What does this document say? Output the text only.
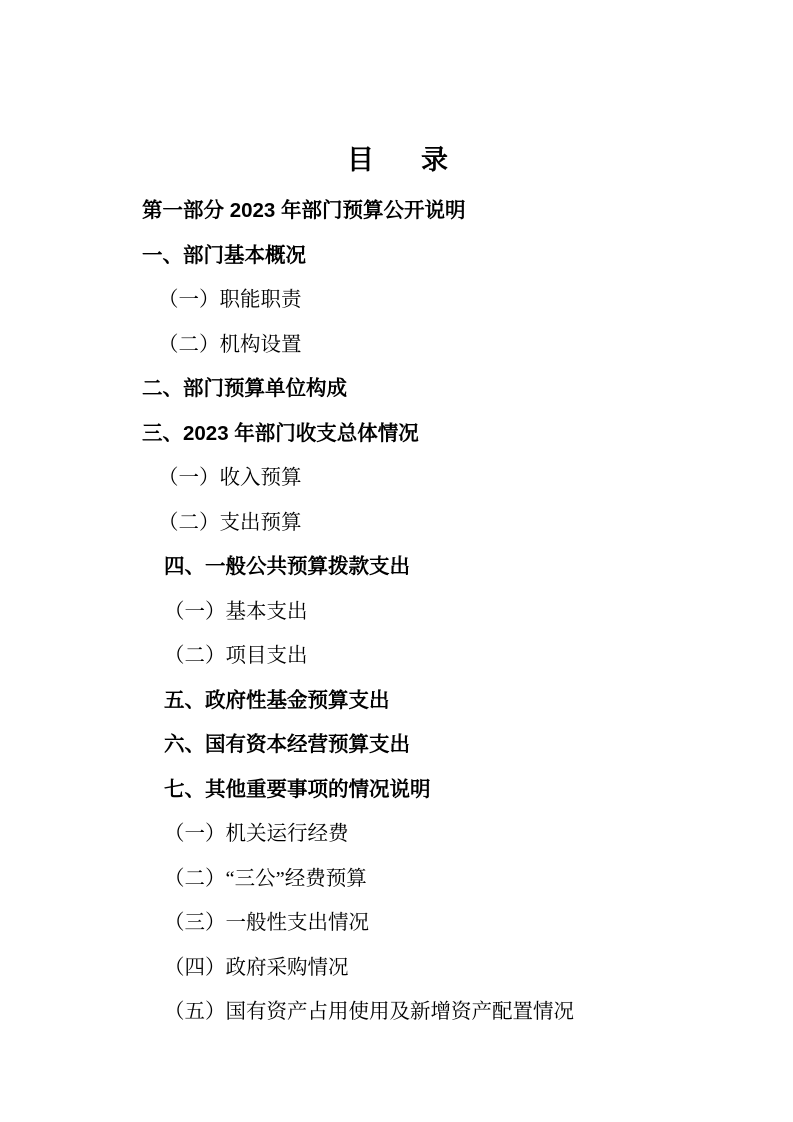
目　录
第一部分 2023 年部门预算公开说明
一、部门基本概况
（一）职能职责
（二）机构设置
二、部门预算单位构成
三、2023 年部门收支总体情况
（一）收入预算
（二）支出预算
四、一般公共预算拨款支出
（一）基本支出
（二）项目支出
五、政府性基金预算支出
六、国有资本经营预算支出
七、其他重要事项的情况说明
（一）机关运行经费
（二）“三公”经费预算
（三）一般性支出情况
（四）政府采购情况
（五）国有资产占用使用及新增资产配置情况
